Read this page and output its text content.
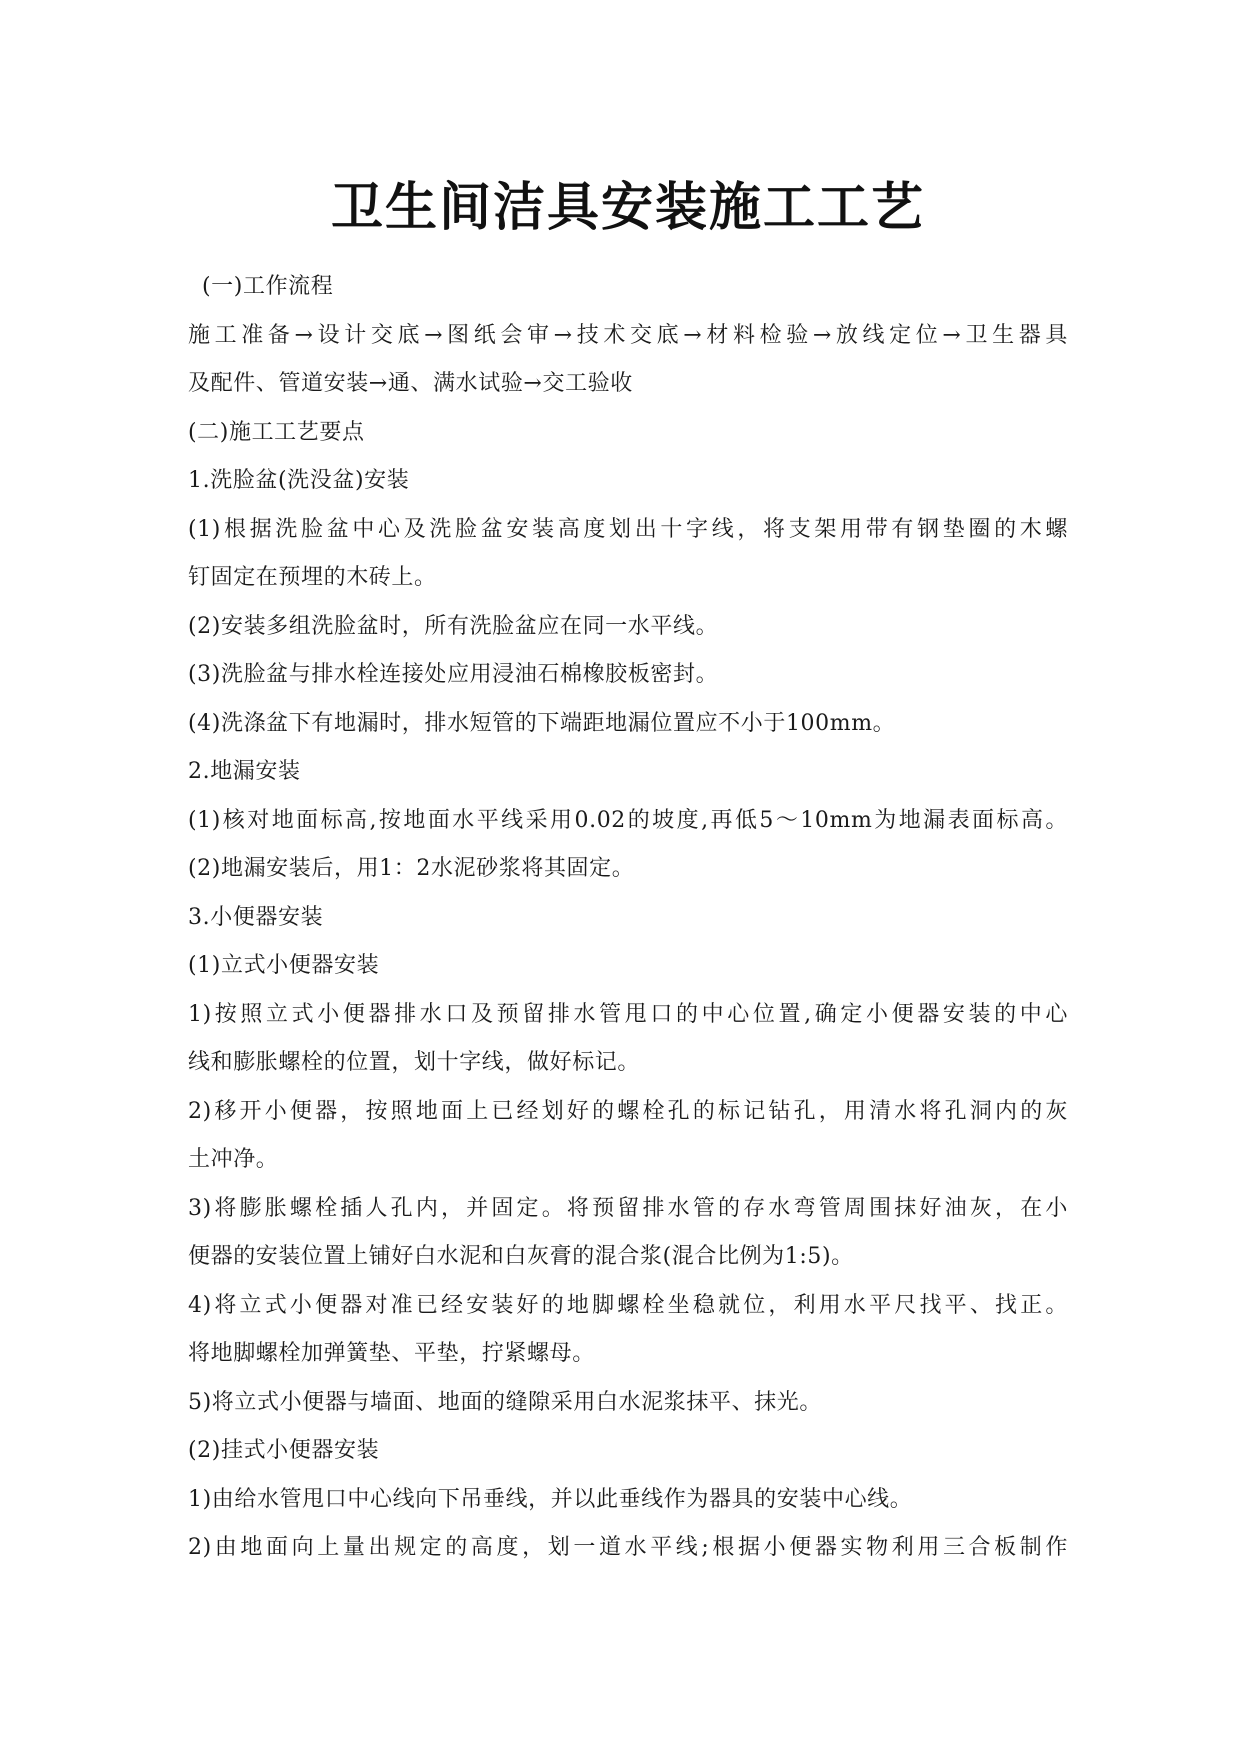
卫生间洁具安装施工工艺
(一)工作流程
施工准备→设计交底→图纸会审→技术交底→材料检验→放线定位→卫生器具
及配件、管道安装→通、满水试验→交工验收
(二)施工工艺要点
1.洗脸盆(洗没盆)安装
(1)根据洗脸盆中心及洗脸盆安装高度划出十字线，将支架用带有钢垫圈的木螺
钉固定在预埋的木砖上。
(2)安装多组洗脸盆时，所有洗脸盆应在同一水平线。
(3)洗脸盆与排水栓连接处应用浸油石棉橡胶板密封。
(4)洗涤盆下有地漏时，排水短管的下端距地漏位置应不小于100mm。
2.地漏安装
(1)核对地面标高,按地面水平线采用0.02的坡度,再低5～10mm为地漏表面标高。
(2)地漏安装后，用1：2水泥砂浆将其固定。
3.小便器安装
(1)立式小便器安装
1)按照立式小便器排水口及预留排水管甩口的中心位置,确定小便器安装的中心
线和膨胀螺栓的位置，划十字线，做好标记。
2)移开小便器，按照地面上已经划好的螺栓孔的标记钻孔，用清水将孔洞内的灰
土冲净。
3)将膨胀螺栓插人孔内，并固定。将预留排水管的存水弯管周围抹好油灰，在小
便器的安装位置上铺好白水泥和白灰膏的混合浆(混合比例为1:5)。
4)将立式小便器对准已经安装好的地脚螺栓坐稳就位，利用水平尺找平、找正。
将地脚螺栓加弹簧垫、平垫，拧紧螺母。
5)将立式小便器与墙面、地面的缝隙采用白水泥浆抹平、抹光。
(2)挂式小便器安装
1)由给水管甩口中心线向下吊垂线，并以此垂线作为器具的安装中心线。
2)由地面向上量出规定的高度，划一道水平线;根据小便器实物利用三合板制作
